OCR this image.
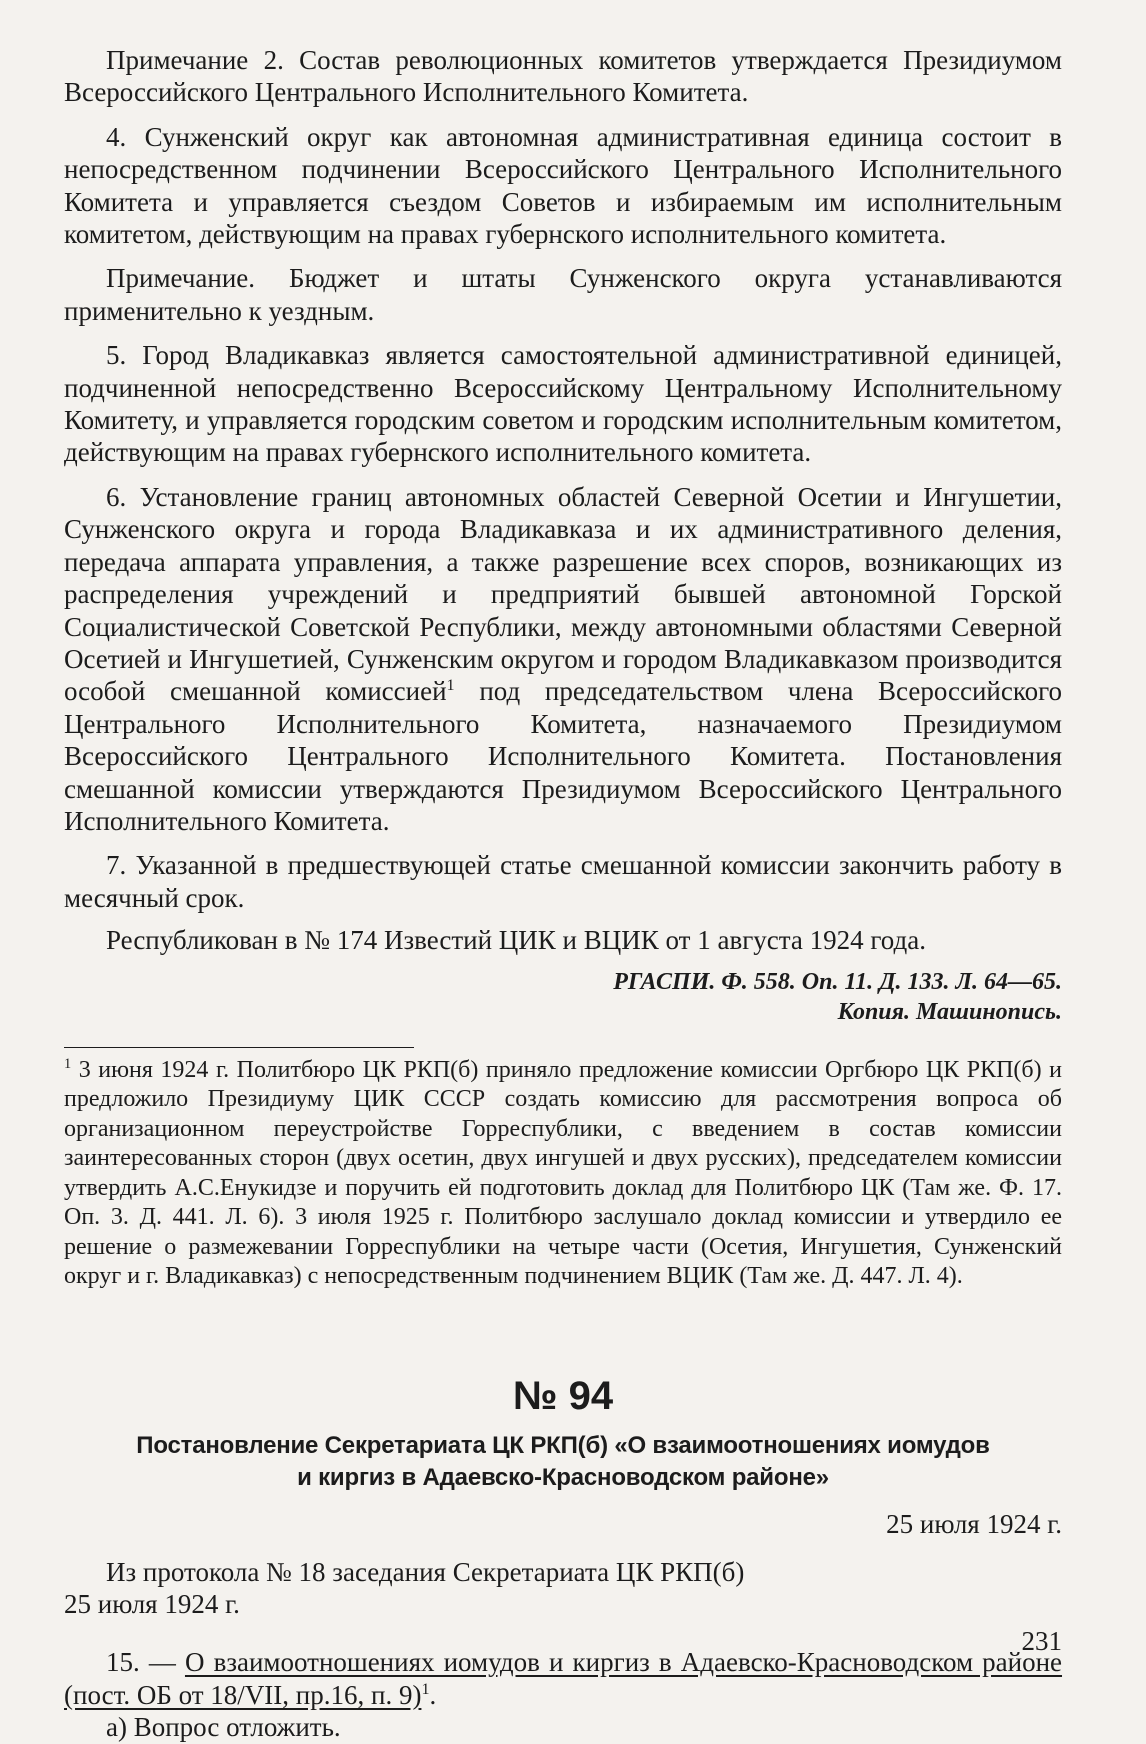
Примечание 2. Состав революционных комитетов утверждается Президиумом Всероссийского Центрального Исполнительного Комитета.

4. Сунженский округ как автономная административная единица состоит в непосредственном подчинении Всероссийского Центрального Исполнительного Комитета и управляется съездом Советов и избираемым им исполнительным комитетом, действующим на правах губернского исполнительного комитета.

Примечание. Бюджет и штаты Сунженского округа устанавливаются применительно к уездным.

5. Город Владикавказ является самостоятельной административной единицей, подчиненной непосредственно Всероссийскому Центральному Исполнительному Комитету, и управляется городским советом и городским исполнительным комитетом, действующим на правах губернского исполнительного комитета.

6. Установление границ автономных областей Северной Осетии и Ингушетии, Сунженского округа и города Владикавказа и их административного деления, передача аппарата управления, а также разрешение всех споров, возникающих из распределения учреждений и предприятий бывшей автономной Горской Социалистической Советской Республики, между автономными областями Северной Осетией и Ингушетией, Сунженским округом и городом Владикавказом производится особой смешанной комиссией$^1$ под председательством члена Всероссийского Центрального Исполнительного Комитета, назначаемого Президиумом Всероссийского Центрального Исполнительного Комитета. Постановления смешанной комиссии утверждаются Президиумом Всероссийского Центрального Исполнительного Комитета.

7. Указанной в предшествующей статье смешанной комиссии закончить работу в месячный срок.

Республикован в № 174 Известий ЦИК и ВЦИК от 1 августа 1924 года.

РГАСПИ. Ф. 558. Оп. 11. Д. 133. Л. 64—65.
Копия. Машинопись.

$^1$ 3 июня 1924 г. Политбюро ЦК РКП(б) приняло предложение комиссии Оргбюро ЦК РКП(б) и предложило Президиуму ЦИК СССР создать комиссию для рассмотрения вопроса об организационном переустройстве Горреспублики, с введением в состав комиссии заинтересованных сторон (двух осетин, двух ингушей и двух русских), председателем комиссии утвердить А.С.Енукидзе и поручить ей подготовить доклад для Политбюро ЦК (Там же. Ф. 17. Оп. 3. Д. 441. Л. 6). 3 июля 1925 г. Политбюро заслушало доклад комиссии и утвердило ее решение о размежевании Горреспублики на четыре части (Осетия, Ингушетия, Сунженский округ и г. Владикавказ) с непосредственным подчинением ВЦИК (Там же. Д. 447. Л. 4).

№ 94
Постановление Секретариата ЦК РКП(б) «О взаимоотношениях иомудов
и киргиз в Адаевско-Красноводском районе»
25 июля 1924 г.

Из протокола № 18 заседания Секретариата ЦК РКП(б)

25 июля 1924 г.

15. — О взаимоотношениях иомудов и киргиз в Адаевско-Красноводском районе (пост. ОБ от 18/VII, пр.16, п. 9)$^1$.

а) Вопрос отложить.

231
